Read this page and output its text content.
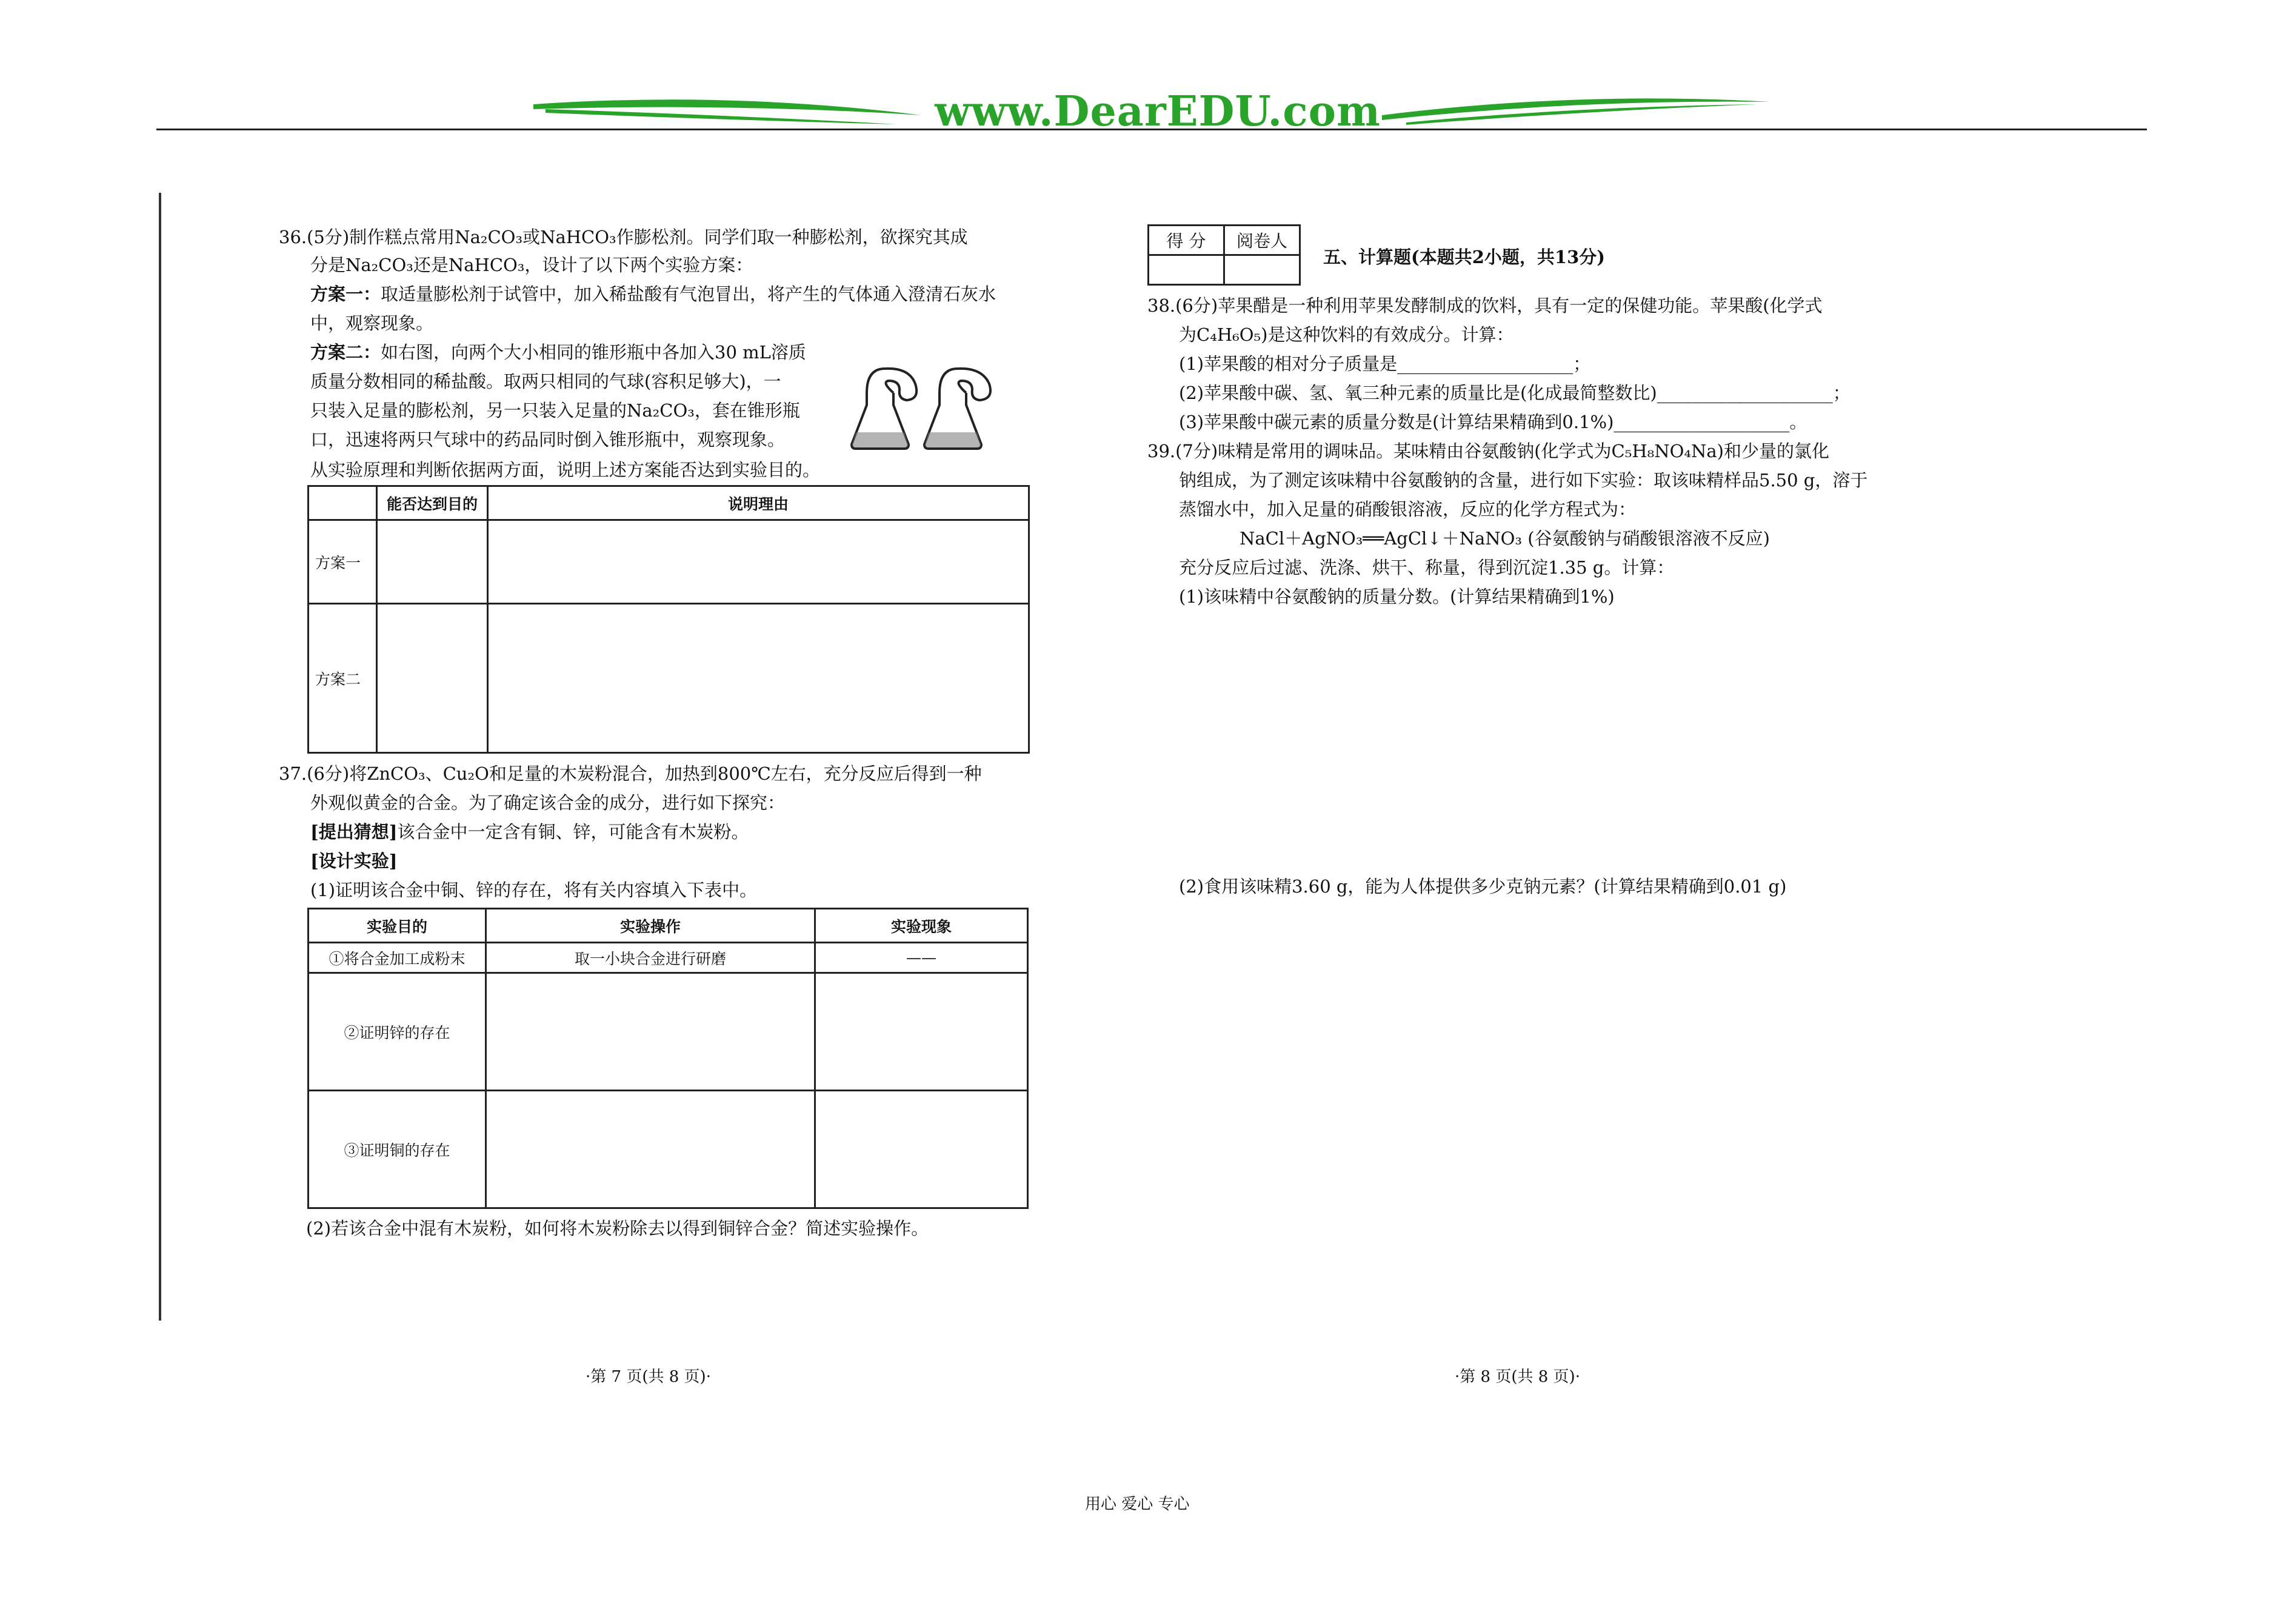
www.DearEDU.com
36.(5分)制作糕点常用Na₂CO₃或NaHCO₃作膨松剂。同学们取一种膨松剂，欲探究其成
分是Na₂CO₃还是NaHCO₃，设计了以下两个实验方案：
方案一：取适量膨松剂于试管中，加入稀盐酸有气泡冒出，将产生的气体通入澄清石灰水
中，观察现象。
方案二：如右图，向两个大小相同的锥形瓶中各加入30 mL溶质
质量分数相同的稀盐酸。取两只相同的气球(容积足够大)，一
只装入足量的膨松剂，另一只装入足量的Na₂CO₃，套在锥形瓶
口，迅速将两只气球中的药品同时倒入锥形瓶中，观察现象。
从实验原理和判断依据两方面，说明上述方案能否达到实验目的。
	能否达到目的	说明理由
方案一		
方案二		
37.(6分)将ZnCO₃、Cu₂O和足量的木炭粉混合，加热到800℃左右，充分反应后得到一种
外观似黄金的合金。为了确定该合金的成分，进行如下探究：
[提出猜想]该合金中一定含有铜、锌，可能含有木炭粉。
[设计实验]
(1)证明该合金中铜、锌的存在，将有关内容填入下表中。
实验目的	实验操作	实验现象
①将合金加工成粉末	取一小块合金进行研磨	——
②证明锌的存在		
③证明铜的存在		
(2)若该合金中混有木炭粉，如何将木炭粉除去以得到铜锌合金？简述实验操作。
·第 7 页(共 8 页)·
得 分	阅卷人

五、计算题(本题共2小题，共13分)
38.(6分)苹果醋是一种利用苹果发酵制成的饮料，具有一定的保健功能。苹果酸(化学式
为C₄H₆O₅)是这种饮料的有效成分。计算：
(1)苹果酸的相对分子质量是____________________；
(2)苹果酸中碳、氢、氧三种元素的质量比是(化成最简整数比)____________________；
(3)苹果酸中碳元素的质量分数是(计算结果精确到0.1%)____________________。
39.(7分)味精是常用的调味品。某味精由谷氨酸钠(化学式为C₅H₈NO₄Na)和少量的氯化
钠组成，为了测定该味精中谷氨酸钠的含量，进行如下实验：取该味精样品5.50 g，溶于
蒸馏水中，加入足量的硝酸银溶液，反应的化学方程式为：
NaCl＋AgNO₃══AgCl↓＋NaNO₃ (谷氨酸钠与硝酸银溶液不反应)
充分反应后过滤、洗涤、烘干、称量，得到沉淀1.35 g。计算：
(1)该味精中谷氨酸钠的质量分数。(计算结果精确到1%)
(2)食用该味精3.60 g，能为人体提供多少克钠元素？(计算结果精确到0.01 g)
·第 8 页(共 8 页)·
用心 爱心 专心
